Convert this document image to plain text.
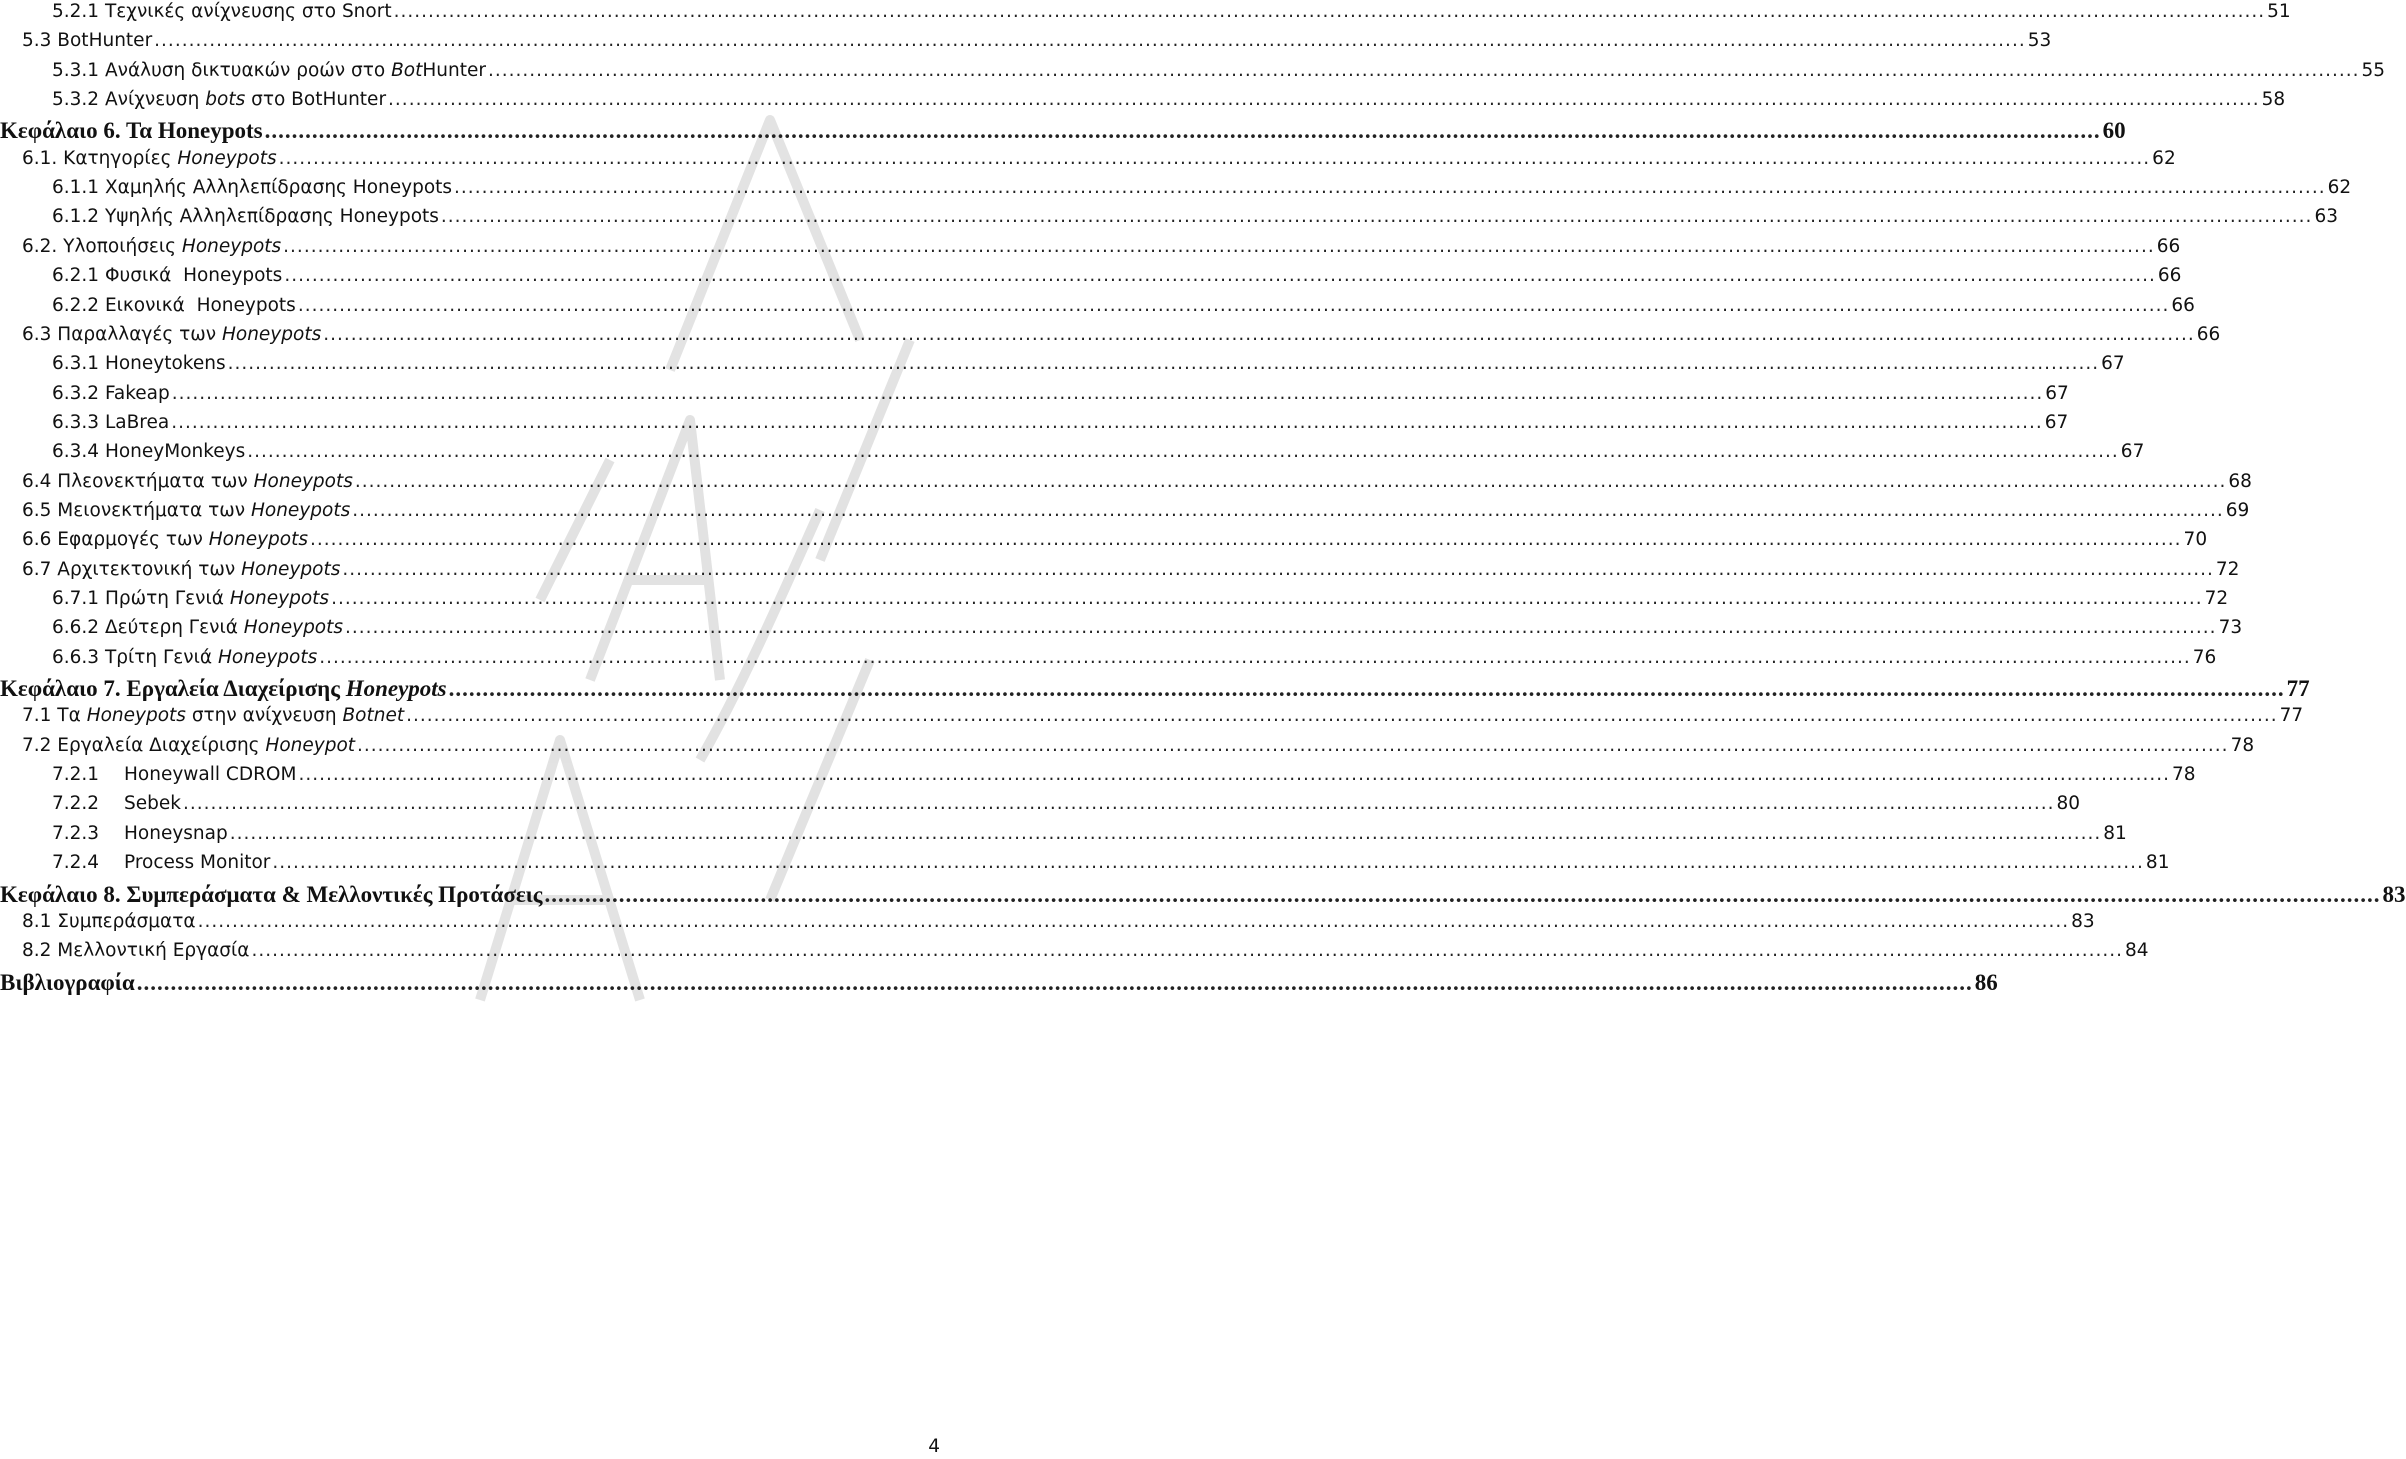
5.2.1 Τεχνικές ανίχνευσης στο Snort .....	51
5.3 BotHunter .....	53
5.3.1 Ανάλυση δικτυακών ροών στο BotHunter .....	55
5.3.2 Ανίχνευση bots στο BotHunter .....	58
Κεφάλαιο 6. Τα Honeypots .....	60
6.1. Κατηγορίες Honeypots .....	62
6.1.1 Χαμηλής Αλληλεπίδρασης Honeypots .....	62
6.1.2 Υψηλής Αλληλεπίδρασης Honeypots .....	63
6.2. Υλοποιήσεις Honeypots .....	66
6.2.1 Φυσικά  Honeypots .....	66
6.2.2 Εικονικά  Honeypots .....	66
6.3 Παραλλαγές των Honeypots .....	66
6.3.1 Honeytokens .....	67
6.3.2 Fakeap .....	67
6.3.3 LaBrea .....	67
6.3.4 HoneyMonkeys .....	67
6.4 Πλεονεκτήματα των Honeypots .....	68
6.5 Μειονεκτήματα των Honeypots .....	69
6.6 Εφαρμογές των Honeypots .....	70
6.7 Αρχιτεκτονική των Honeypots .....	72
6.7.1 Πρώτη Γενιά Honeypots .....	72
6.6.2 Δεύτερη Γενιά Honeypots .....	73
6.6.3 Τρίτη Γενιά Honeypots .....	76
Κεφάλαιο 7. Εργαλεία Διαχείρισης Honeypots .....	77
7.1 Τα Honeypots στην ανίχνευση Botnet .....	77
7.2 Εργαλεία Διαχείρισης Honeypot .....	78
7.2.1 Honeywall CDROM .....	78
7.2.2 Sebek .....	80
7.2.3 Honeysnap .....	81
7.2.4 Process Monitor .....	81
Κεφάλαιο 8. Συμπεράσματα & Μελλοντικές Προτάσεις .....	83
8.1 Συμπεράσματα .....	83
8.2 Μελλοντική Εργασία .....	84
Βιβλιογραφία .....	86
4
